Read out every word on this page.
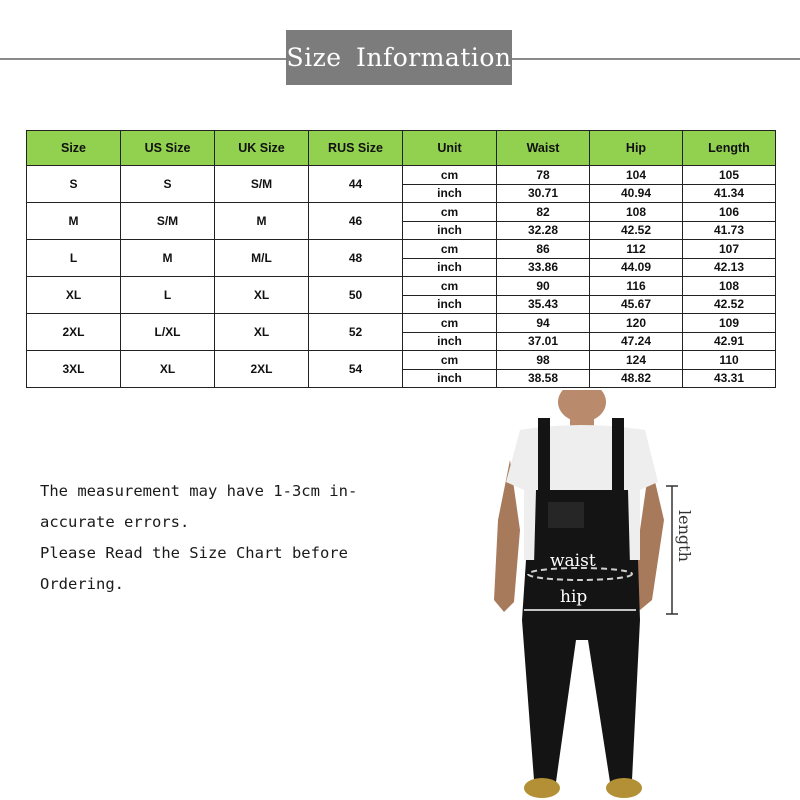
Size Information
Size	US Size	UK Size	RUS Size	Unit	Waist	Hip	Length
S	S	S/M	44	cm	78	104	105
				inch	30.71	40.94	41.34
M	S/M	M	46	cm	82	108	106
				inch	32.28	42.52	41.73
L	M	M/L	48	cm	86	112	107
				inch	33.86	44.09	42.13
XL	L	XL	50	cm	90	116	108
				inch	35.43	45.67	42.52
2XL	L/XL	XL	52	cm	94	120	109
				inch	37.01	47.24	42.91
3XL	XL	2XL	54	cm	98	124	110
				inch	38.58	48.82	43.31
The measurement may have 1-3cm in-
accurate errors.
Please Read the Size Chart before
Ordering.
waist
hip
length
